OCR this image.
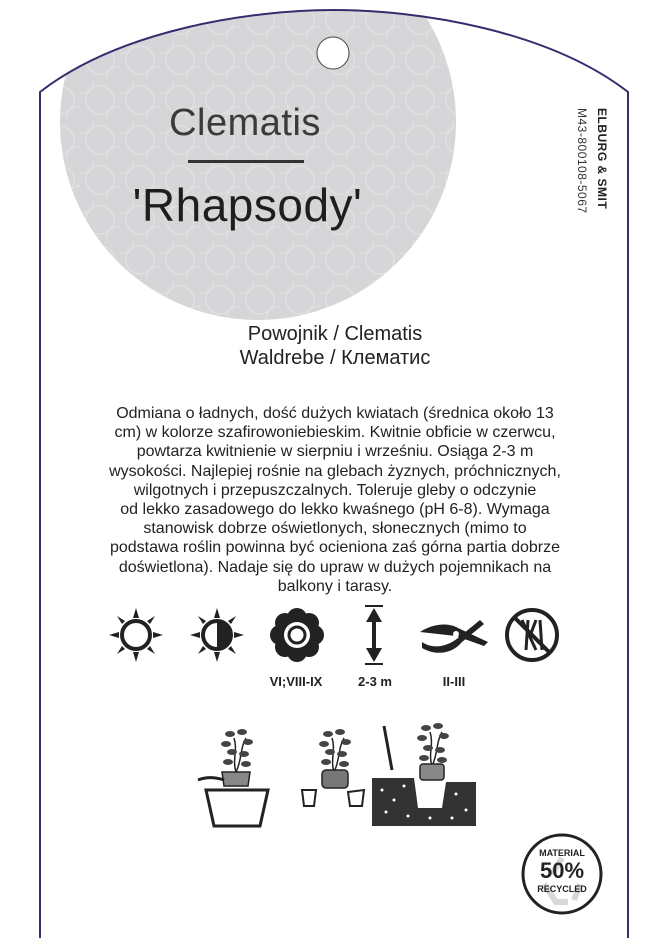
Clematis
'Rhapsody'	ELBURG & SMIT
M43-800108-5067
Powojnik / Clematis
Waldrebe / Клематис
Odmiana o ładnych, dość dużych kwiatach (średnica około 13
cm) w kolorze szafirowoniebieskim. Kwitnie obficie w czerwcu,
powtarza kwitnienie w sierpniu i wrześniu. Osiąga 2-3 m
wysokości. Najlepiej rośnie na glebach żyznych, próchnicznych,
wilgotnych i przepuszczalnych. Toleruje gleby o odczynie
od lekko zasadowego do lekko kwaśnego (pH 6-8). Wymaga
stanowisk dobrze oświetlonych, słonecznych (mimo to
podstawa roślin powinna być ocieniona zaś górna partia dobrze
doświetlona). Nadaje się do upraw w dużych pojemnikach na
balkony i tarasy.
VI;VIII-IX	2-3 m	II-III
MATERIAL
50%
RECYCLED
